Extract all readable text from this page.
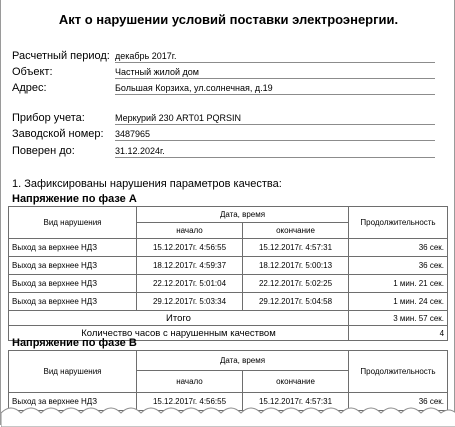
Акт о нарушении условий поставки электроэнергии.
Расчетный период: декабрь 2017г.
Объект:	Частный жилой дом
Адрес:	Большая Корзиха, ул.солнечная, д.19
Прибор учета:	Меркурий 230 ART01 PQRSIN
Заводской номер: 3487965
Поверен до:	31.12.2024г.
1. Зафиксированы нарушения параметров качества:
Напряжение по фазе А
Вид нарушения	Дата, время		Продолжительность
	начало	окончание	
Выход за верхнее НДЗ	15.12.2017г. 4:56:55	15.12.2017г. 4:57:31	36 сек.
Выход за верхнее НДЗ	18.12.2017г. 4:59:37	18.12.2017г. 5:00:13	36 сек.
Выход за верхнее НДЗ	22.12.2017г. 5:01:04	22.12.2017г. 5:02:25	1 мин. 21 сек.
Выход за верхнее НДЗ	29.12.2017г. 5:03:34	29.12.2017г. 5:04:58	1 мин. 24 сек.
Итого			3 мин. 57 сек.
Количество часов с нарушенным качеством			4
Напряжение по фазе В
Вид нарушения	Дата, время		Продолжительность
	начало	окончание	
Выход за верхнее НДЗ	15.12.2017г. 4:56:55	15.12.2017г. 4:57:31	36 сек.
